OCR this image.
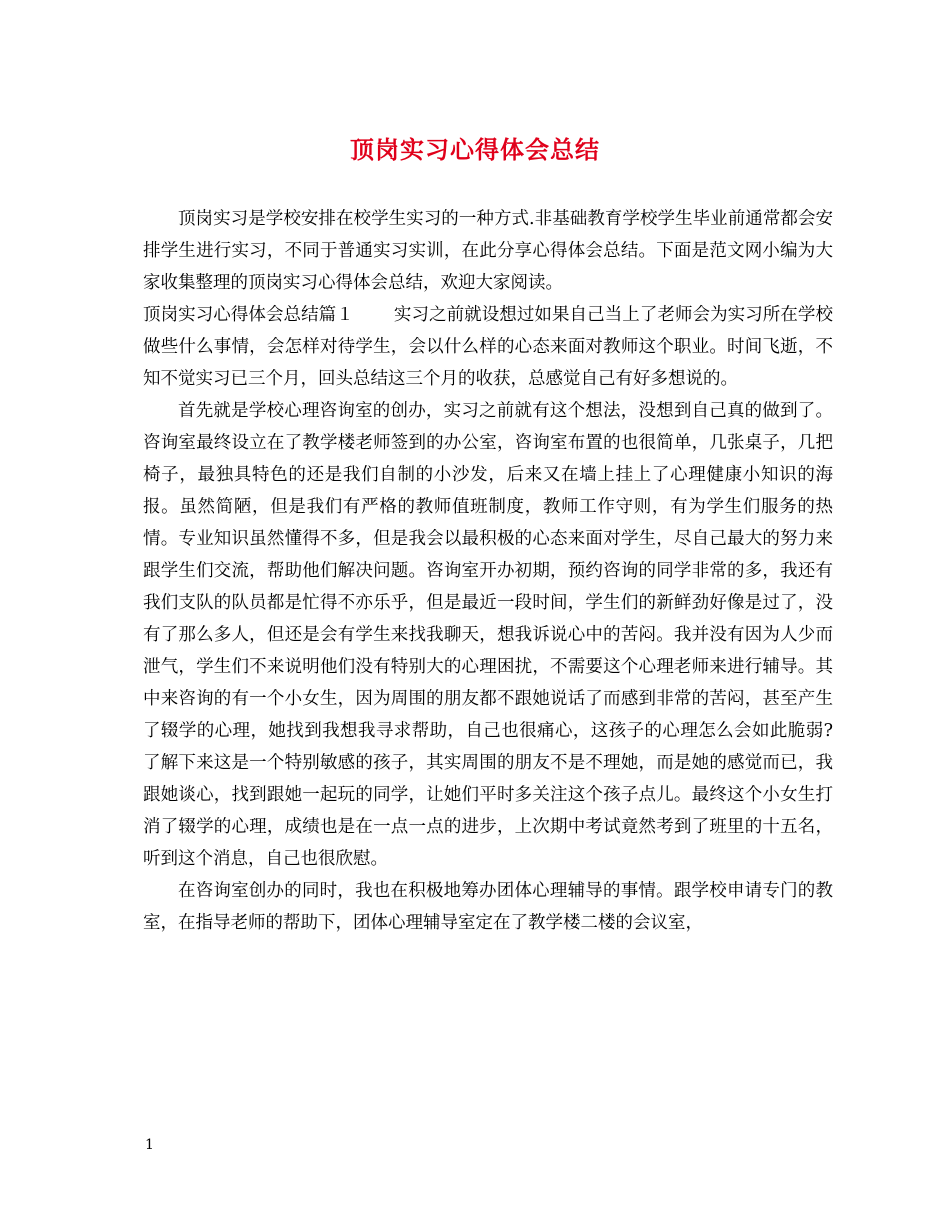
顶岗实习心得体会总结

顶岗实习是学校安排在校学生实习的一种方式.非基础教育学校学生毕业前通常都会安排学生进行实习，不同于普通实习实训，在此分享心得体会总结。下面是范文网小编为大家收集整理的顶岗实习心得体会总结，欢迎大家阅读。

顶岗实习心得体会总结篇１ 实习之前就设想过如果自己当上了老师会为实习所在学校做些什么事情，会怎样对待学生，会以什么样的心态来面对教师这个职业。时间飞逝，不知不觉实习已三个月，回头总结这三个月的收获，总感觉自己有好多想说的。

首先就是学校心理咨询室的创办，实习之前就有这个想法，没想到自己真的做到了。咨询室最终设立在了教学楼老师签到的办公室，咨询室布置的也很简单，几张桌子，几把椅子，最独具特色的还是我们自制的小沙发，后来又在墙上挂上了心理健康小知识的海报。虽然简陋，但是我们有严格的教师值班制度，教师工作守则，有为学生们服务的热情。专业知识虽然懂得不多，但是我会以最积极的心态来面对学生，尽自己最大的努力来跟学生们交流，帮助他们解决问题。咨询室开办初期，预约咨询的同学非常的多，我还有我们支队的队员都是忙得不亦乐乎，但是最近一段时间，学生们的新鲜劲好像是过了，没有了那么多人，但还是会有学生来找我聊天，想我诉说心中的苦闷。我并没有因为人少而泄气，学生们不来说明他们没有特别大的心理困扰，不需要这个心理老师来进行辅导。其中来咨询的有一个小女生，因为周围的朋友都不跟她说话了而感到非常的苦闷，甚至产生了辍学的心理，她找到我想我寻求帮助，自己也很痛心，这孩子的心理怎么会如此脆弱?了解下来这是一个特别敏感的孩子，其实周围的朋友不是不理她，而是她的感觉而已，我跟她谈心，找到跟她一起玩的同学，让她们平时多关注这个孩子点儿。最终这个小女生打消了辍学的心理，成绩也是在一点一点的进步，上次期中考试竟然考到了班里的十五名，听到这个消息，自己也很欣慰。

在咨询室创办的同时，我也在积极地筹办团体心理辅导的事情。跟学校申请专门的教室，在指导老师的帮助下，团体心理辅导室定在了教学楼二楼的会议室，

1
